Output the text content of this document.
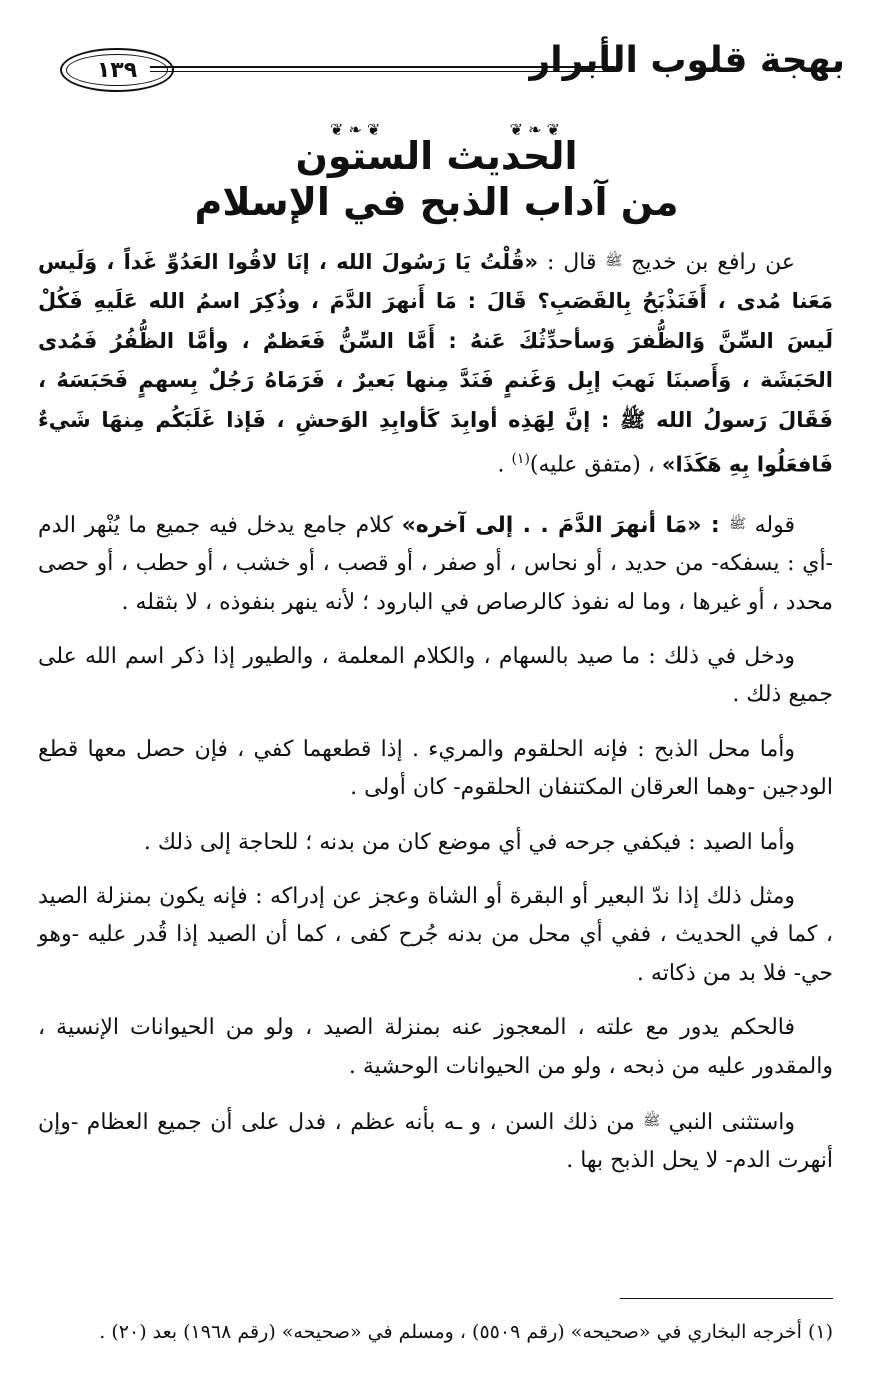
بهجة قلوب الأبرار
١٣٩
❦ ❧ ❦
❦ ❧ ❦
الحديث الستون
من آداب الذبح في الإسلام

عن رافع بن خديج ﷺ قال : «قُلْتُ يَا رَسُولَ الله ، إنَا لاقُوا العَدُوِّ غَداً ، وَلَيس مَعَنا مُدى ، أَفَنَذْبَحُ بِالقَصَبِ؟ قَالَ : مَا أَنهرَ الدَّمَ ، وذُكِرَ اسمُ الله عَلَيهِ فَكُلْ لَيسَ السِّنَّ وَالظُّفرَ وَسأحدِّثُكَ عَنهُ : أَمَّا السِّنُّ فَعَظمٌ ، وأمَّا الظُّفُرُ فَمُدى الحَبَشَة ، وَأَصبنَا نَهبَ إبِل وَغَنمٍ فَنَدَّ مِنها بَعيرٌ ، فَرَمَاهُ رَجُلٌ بِسهمٍ فَحَبَسَهُ ، فَقَالَ رَسولُ الله ﷺ : إنَّ لِهَذِه أوابِدَ كَأوابِدِ الوَحشِ ، فَإذا غَلَبَكُم مِنهَا شَيءٌ فَافعَلُوا بِهِ هَكَذَا» ، (متفق عليه)$^{(١)}$ .

قوله ﷺ : «مَا أنهرَ الدَّمَ . . إلى آخره» كلام جامع يدخل فيه جميع ما يُنْهر الدم -أي : يسفكه- من حديد ، أو نحاس ، أو صفر ، أو قصب ، أو خشب ، أو حطب ، أو حصى محدد ، أو غيرها ، وما له نفوذ كالرصاص في البارود ؛ لأنه ينهر بنفوذه ، لا بثقله .

ودخل في ذلك : ما صيد بالسهام ، والكلام المعلمة ، والطيور إذا ذكر اسم الله على جميع ذلك .

وأما محل الذبح : فإنه الحلقوم والمريء . إذا قطعهما كفي ، فإن حصل معها قطع الودجين -وهما العرقان المكتنفان الحلقوم- كان أولى .

وأما الصيد : فيكفي جرحه في أي موضع كان من بدنه ؛ للحاجة إلى ذلك .

ومثل ذلك إذا ندّ البعير أو البقرة أو الشاة وعجز عن إدراكه : فإنه يكون بمنزلة الصيد ، كما في الحديث ، ففي أي محل من بدنه جُرح كفى ، كما أن الصيد إذا قُدر عليه -وهو حي- فلا بد من ذكاته .

فالحكم يدور مع علته ، المعجوز عنه بمنزلة الصيد ، ولو من الحيوانات الإنسية ، والمقدور عليه من ذبحه ، ولو من الحيوانات الوحشية .

واستثنى النبي ﷺ من ذلك السن ، و ـه بأنه عظم ، فدل على أن جميع العظام -وإن أنهرت الدم- لا يحل الذبح بها .

(١) أخرجه البخاري في «صحيحه» (رقم ٥٥٠٩) ، ومسلم في «صحيحه» (رقم ١٩٦٨) بعد (٢٠) .
